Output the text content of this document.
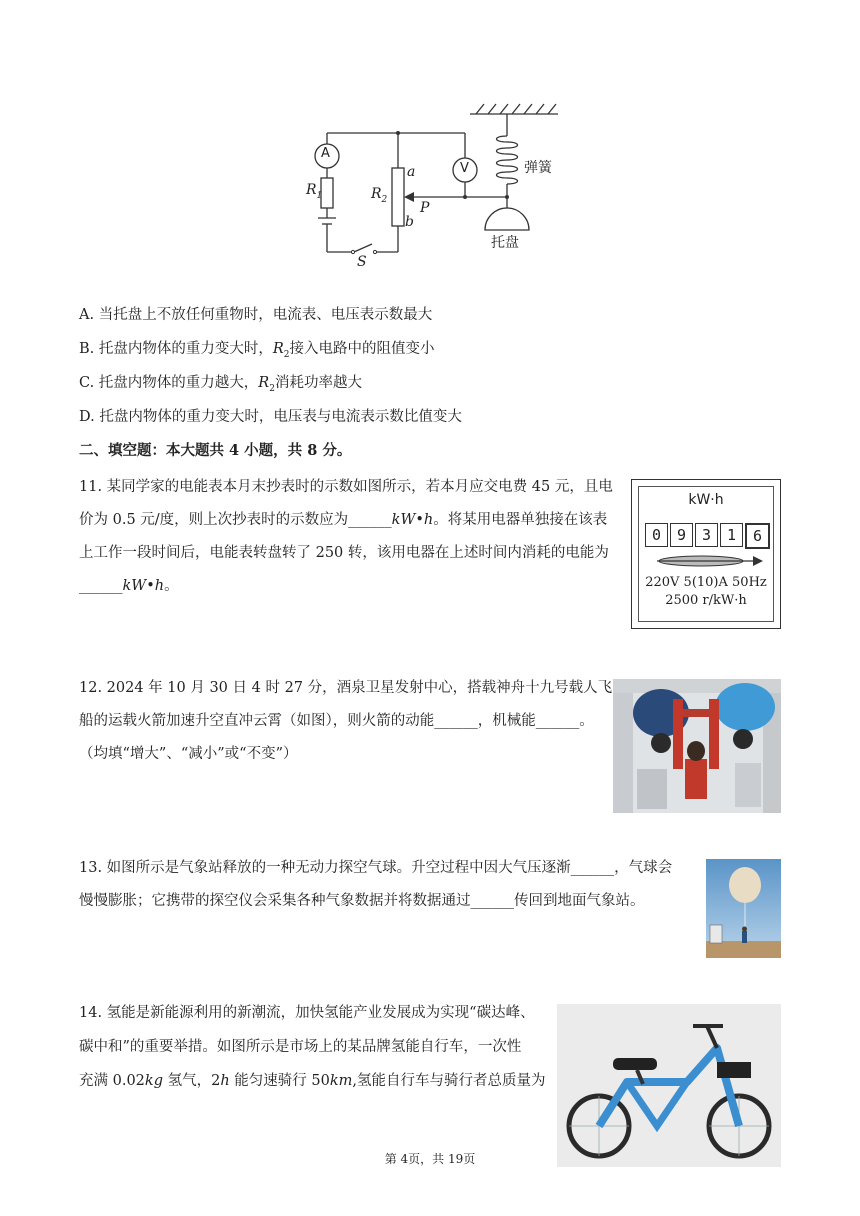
A
V
$R_1$	$R_2$
a
b
P
S
弹簧
托盘
A. 当托盘上不放任何重物时，电流表、电压表示数最大
B. 托盘内物体的重力变大时，$R_2$接入电路中的阻值变小
C. 托盘内物体的重力越大，$R_2$消耗功率越大
D. 托盘内物体的重力变大时，电压表与电流表示数比值变大
二、填空题：本大题共 4 小题，共 8 分。
11. 某同学家的电能表本月末抄表时的示数如图所示，若本月应交电费 45 元，且电
价为 0.5 元/度，则上次抄表时的示数应为______kW•h。将某用电器单独接在该表
上工作一段时间后，电能表转盘转了 250 转，该用电器在上述时间内消耗的电能为
______kW•h。
kW·h
0	9	3	1	6
220V 5(10)A 50Hz
2500 r/kW·h
12. 2024 年 10 月 30 日 4 时 27 分，酒泉卫星发射中心，搭载神舟十九号载人飞
船的运载火箭加速升空直冲云霄（如图），则火箭的动能______，机械能______。
（均填“增大”、“减小”或“不变”）
13. 如图所示是气象站释放的一种无动力探空气球。升空过程中因大气压逐渐______，气球会
慢慢膨胀；它携带的探空仪会采集各种气象数据并将数据通过______传回到地面气象站。
14. 氢能是新能源利用的新潮流，加快氢能产业发展成为实现“碳达峰、
碳中和”的重要举措。如图所示是市场上的某品牌氢能自行车，一次性
充满 0.02kg 氢气，2h 能匀速骑行 50km,氢能自行车与骑行者总质量为
第 4页，共 19页
